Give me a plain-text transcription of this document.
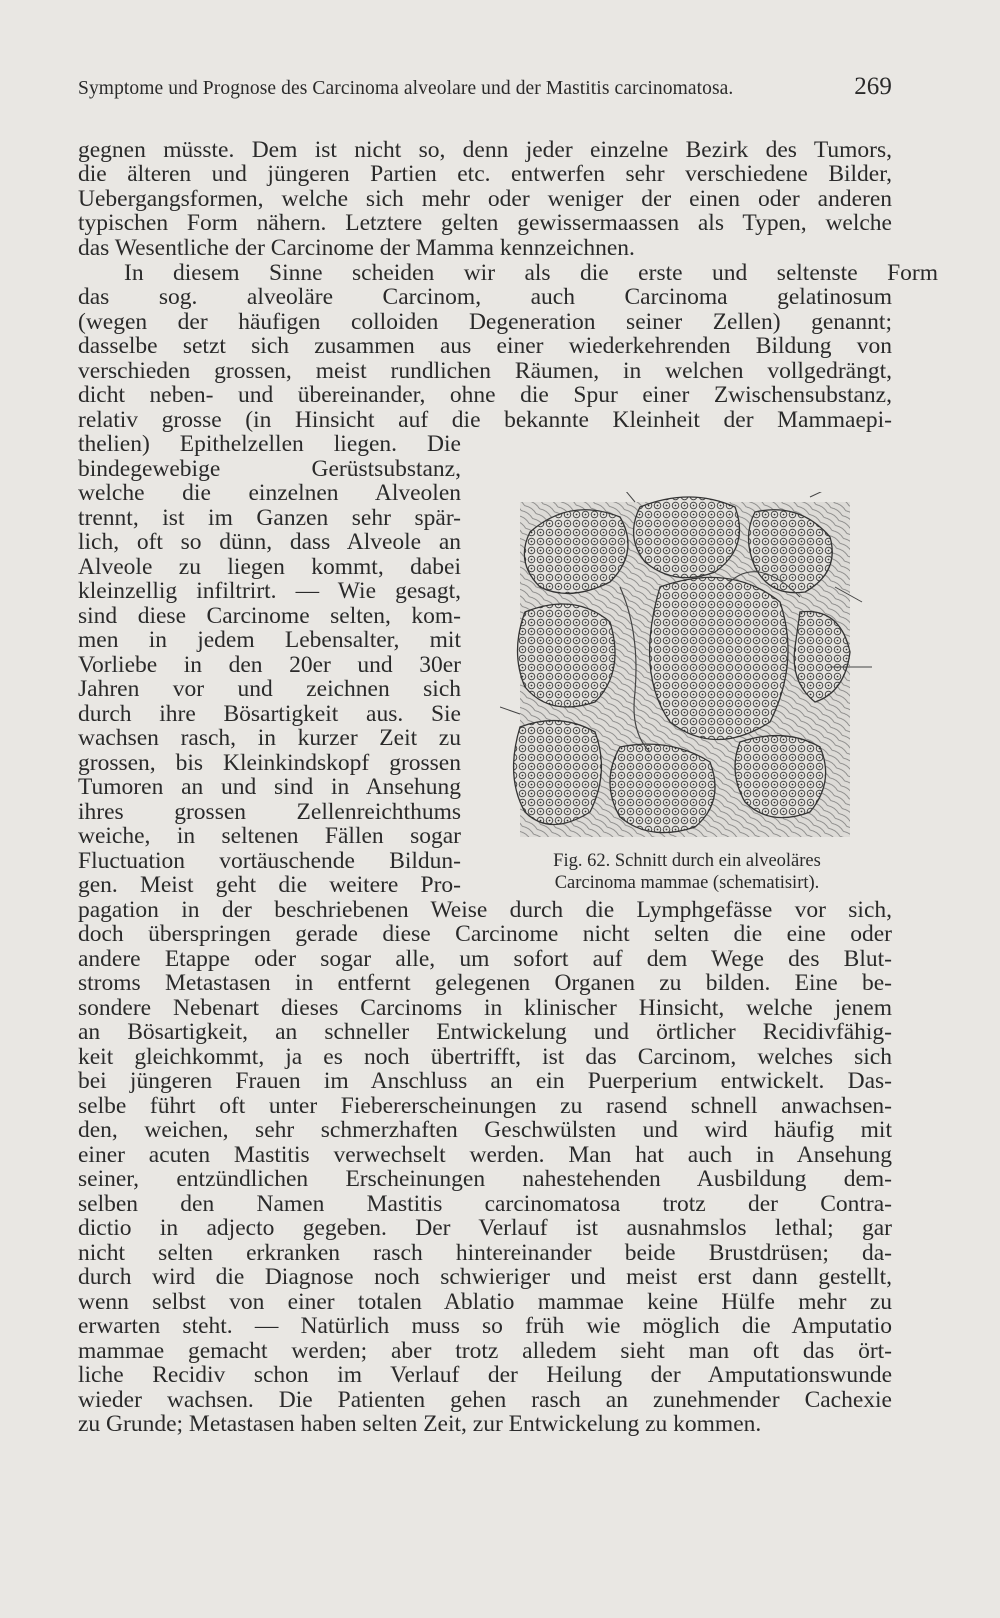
Symptome und Prognose des Carcinoma alveolare und der Mastitis carcinomatosa.	269
gegnen müsste. Dem ist nicht so, denn jeder einzelne Bezirk des Tumors,
die älteren und jüngeren Partien etc. entwerfen sehr verschiedene Bilder,
Uebergangsformen, welche sich mehr oder weniger der einen oder anderen
typischen Form nähern. Letztere gelten gewissermaassen als Typen, welche
das Wesentliche der Carcinome der Mamma kennzeichnen.
In diesem Sinne scheiden wir als die erste und seltenste Form
das sog. alveoläre Carcinom, auch Carcinoma gelatinosum
(wegen der häufigen colloiden Degeneration seiner Zellen) genannt;
dasselbe setzt sich zusammen aus einer wiederkehrenden Bildung von
verschieden grossen, meist rundlichen Räumen, in welchen vollgedrängt,
dicht neben- und übereinander, ohne die Spur einer Zwischensubstanz,
relativ grosse (in Hinsicht auf die bekannte Kleinheit der Mammaepi-
thelien) Epithelzellen liegen. Die
bindegewebige Gerüstsubstanz,
welche die einzelnen Alveolen
trennt, ist im Ganzen sehr spär-
lich, oft so dünn, dass Alveole an
Alveole zu liegen kommt, dabei
kleinzellig infiltrirt. — Wie gesagt,
sind diese Carcinome selten, kom-
men in jedem Lebensalter, mit
Vorliebe in den 20er und 30er
Jahren vor und zeichnen sich
durch ihre Bösartigkeit aus. Sie
wachsen rasch, in kurzer Zeit zu
grossen, bis Kleinkindskopf grossen
Tumoren an und sind in Ansehung
ihres grossen Zellenreichthums
weiche, in seltenen Fällen sogar
Fluctuation vortäuschende Bildun-
gen. Meist geht die weitere Pro-
pagation in der beschriebenen Weise durch die Lymphgefässe vor sich,
doch überspringen gerade diese Carcinome nicht selten die eine oder
andere Etappe oder sogar alle, um sofort auf dem Wege des Blut-
stroms Metastasen in entfernt gelegenen Organen zu bilden. Eine be-
sondere Nebenart dieses Carcinoms in klinischer Hinsicht, welche jenem
an Bösartigkeit, an schneller Entwickelung und örtlicher Recidivfähig-
keit gleichkommt, ja es noch übertrifft, ist das Carcinom, welches sich
bei jüngeren Frauen im Anschluss an ein Puerperium entwickelt. Das-
selbe führt oft unter Fiebererscheinungen zu rasend schnell anwachsen-
den, weichen, sehr schmerzhaften Geschwülsten und wird häufig mit
einer acuten Mastitis verwechselt werden. Man hat auch in Ansehung
seiner, entzündlichen Erscheinungen nahestehenden Ausbildung dem-
selben den Namen Mastitis carcinomatosa trotz der Contra-
dictio in adjecto gegeben. Der Verlauf ist ausnahmslos lethal; gar
nicht selten erkranken rasch hintereinander beide Brustdrüsen; da-
durch wird die Diagnose noch schwieriger und meist erst dann gestellt,
wenn selbst von einer totalen Ablatio mammae keine Hülfe mehr zu
erwarten steht. — Natürlich muss so früh wie möglich die Amputatio
mammae gemacht werden; aber trotz alledem sieht man oft das ört-
liche Recidiv schon im Verlauf der Heilung der Amputationswunde
wieder wachsen. Die Patienten gehen rasch an zunehmender Cachexie
zu Grunde; Metastasen haben selten Zeit, zur Entwickelung zu kommen.
Fig. 62. Schnitt durch ein alveoläres
Carcinoma mammae (schematisirt).
